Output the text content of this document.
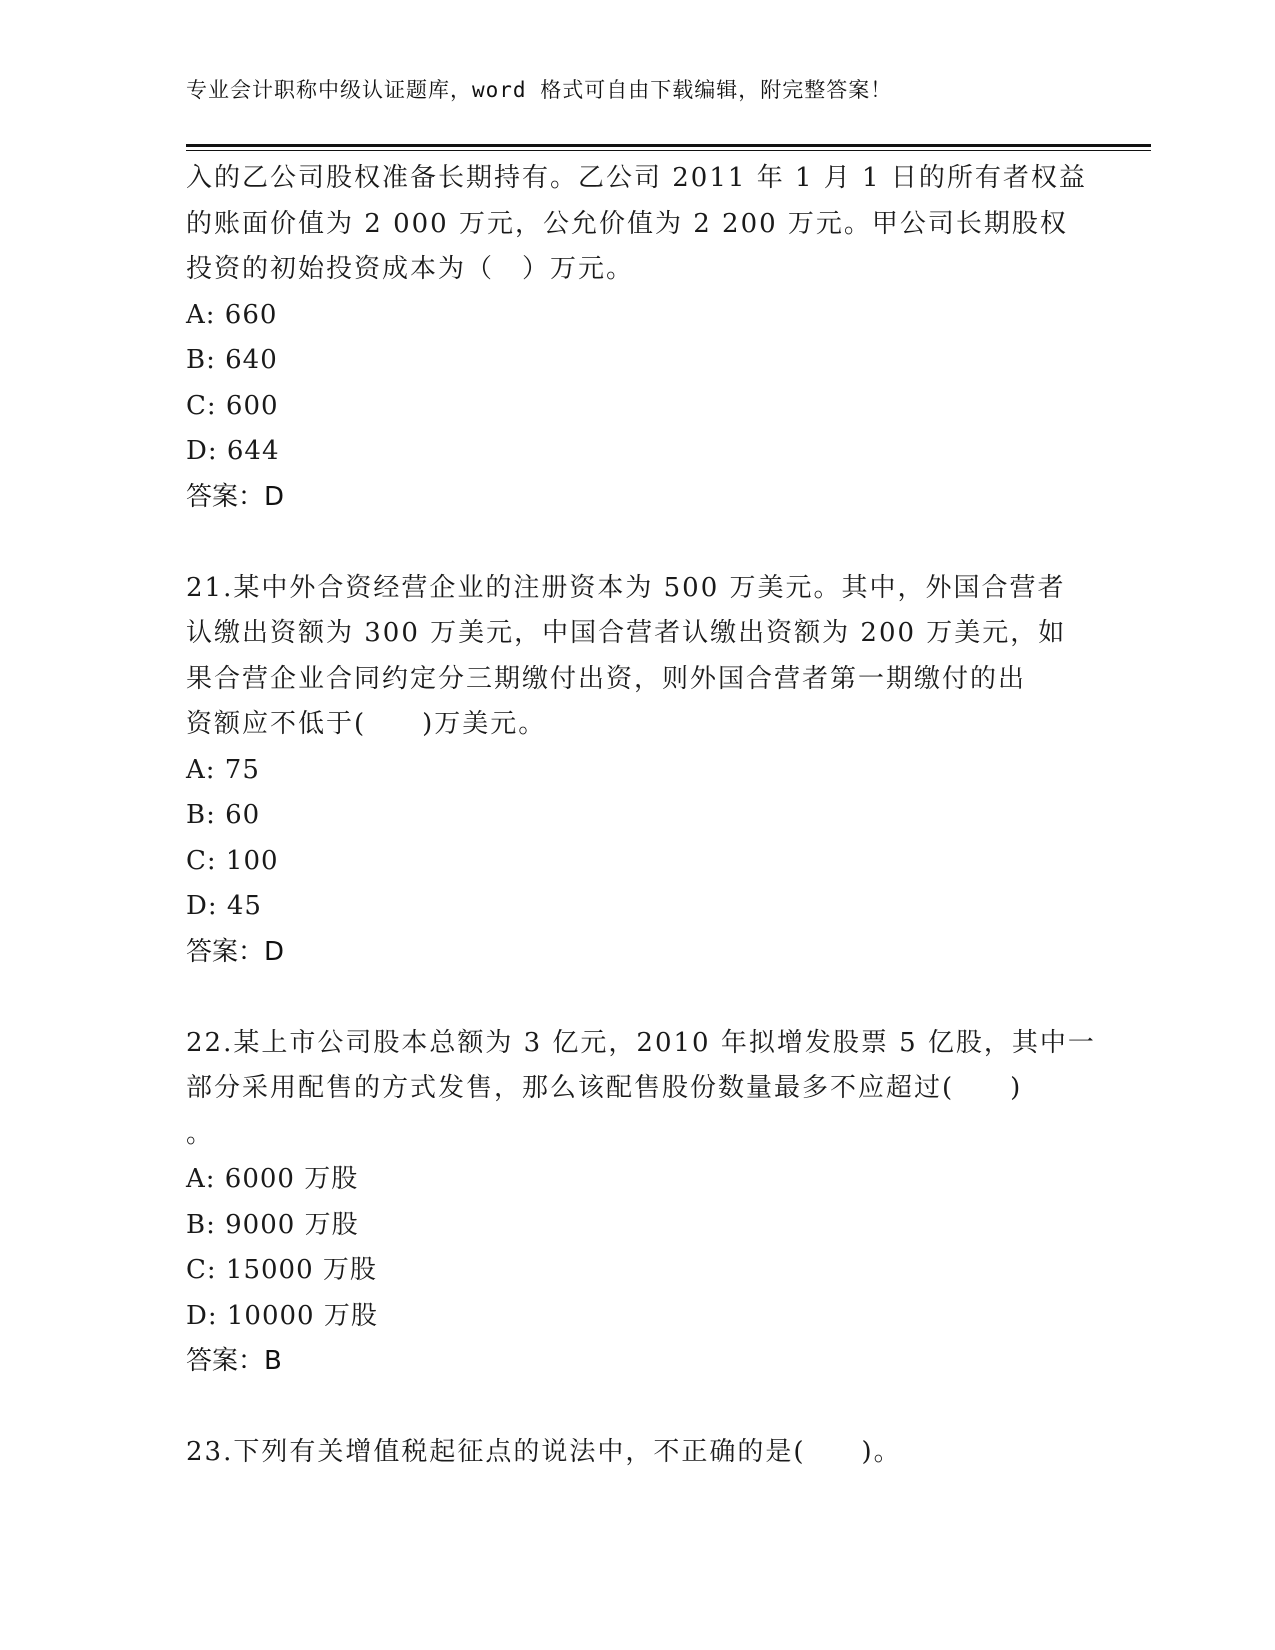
专业会计职称中级认证题库，word 格式可自由下载编辑，附完整答案！
入的乙公司股权准备长期持有。乙公司 2011 年 1 月 1 日的所有者权益
的账面价值为 2 000 万元，公允价值为 2 200 万元。甲公司长期股权
投资的初始投资成本为（　）万元。
A: 660
B: 640
C: 600
D: 644
答案：D
21.某中外合资经营企业的注册资本为 500 万美元。其中，外国合营者
认缴出资额为 300 万美元，中国合营者认缴出资额为 200 万美元，如
果合营企业合同约定分三期缴付出资，则外国合营者第一期缴付的出
资额应不低于(　　)万美元。
A: 75
B: 60
C: 100
D: 45
答案：D
22.某上市公司股本总额为 3 亿元，2010 年拟增发股票 5 亿股，其中一
部分采用配售的方式发售，那么该配售股份数量最多不应超过(　　)
。
A: 6000 万股
B: 9000 万股
C: 15000 万股
D: 10000 万股
答案：B
23.下列有关增值税起征点的说法中，不正确的是(　　)。
